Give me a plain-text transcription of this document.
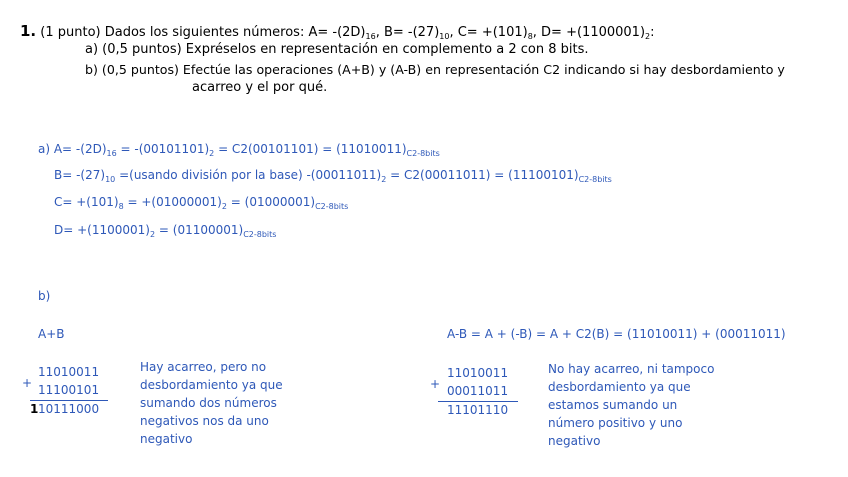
1. (1 punto) Dados los siguientes números: $A= -(2D)_{16}$, $B= -(27)_{10}$, $C= +(101)_8$, $D= +(1100001)_2$:
a) (0,5 puntos) Expréselos en representación en complemento a 2 con 8 bits.
b) (0,5 puntos) Efectúe las operaciones (A+B) y (A-B) en representación C2 indicando si hay desbordamiento y
acarreo y el por qué.
a) $A= -(2D)_{16} = -(00101101)_2 = C2(00101101) = (11010011)_{C2-8bits}$
$B= -(27)_{10}$ =(usando división por la base) $-(00011011)_2 = C2(00011011) = (11100101)_{C2-8bits}$
$C= +(101)_8 = +(01000001)_2 = (01000001)_{C2-8bits}$
$D= +(1100001)_2 = (01100001)_{C2-8bits}$
b)
A+B
11010011
+ 11100101
1 10111000
Hay acarreo, pero no desbordamiento ya que sumando dos números negativos nos da uno negativo
A-B = A + (-B) = A + C2(B) = (11010011) + (00011011)
11010011
+ 00011011
11101110
No hay acarreo, ni tampoco desbordamiento ya que estamos sumando un número positivo y uno negativo
